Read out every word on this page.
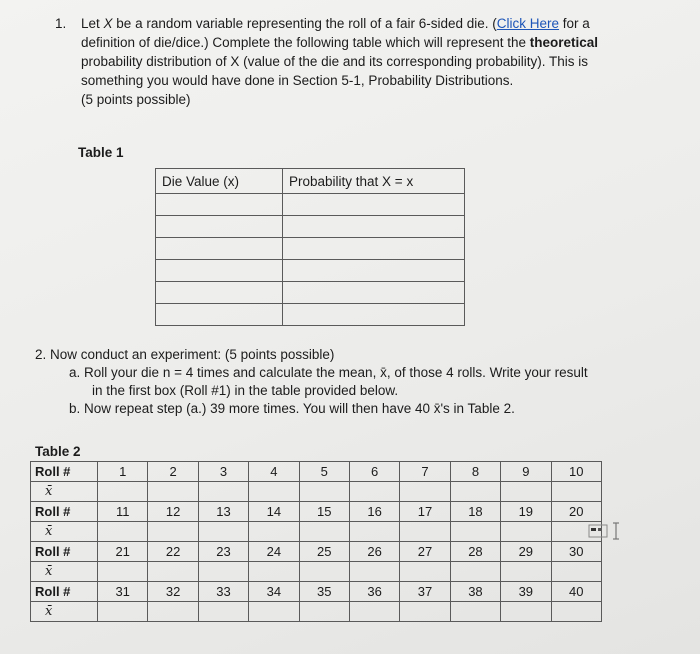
1. Let X be a random variable representing the roll of a fair 6-sided die. (Click Here for a
definition of die/dice.) Complete the following table which will represent the theoretical
probability distribution of X (value of the die and its corresponding probability). This is
something you would have done in Section 5-1, Probability Distributions.
(5 points possible)
Table 1
Die Value (x)	Probability that X = x

2. Now conduct an experiment: (5 points possible)
a. Roll your die n = 4 times and calculate the mean, x̄, of those 4 rolls. Write your result
in the first box (Roll #1) in the table provided below.
b. Now repeat step (a.) 39 more times. You will then have 40 x̄'s in Table 2.
Table 2
Roll #	1	2	3	4	5	6	7	8	9	10
x̄										
Roll #	11	12	13	14	15	16	17	18	19	20
x̄										
Roll #	21	22	23	24	25	26	27	28	29	30
x̄										
Roll #	31	32	33	34	35	36	37	38	39	40
x̄										
